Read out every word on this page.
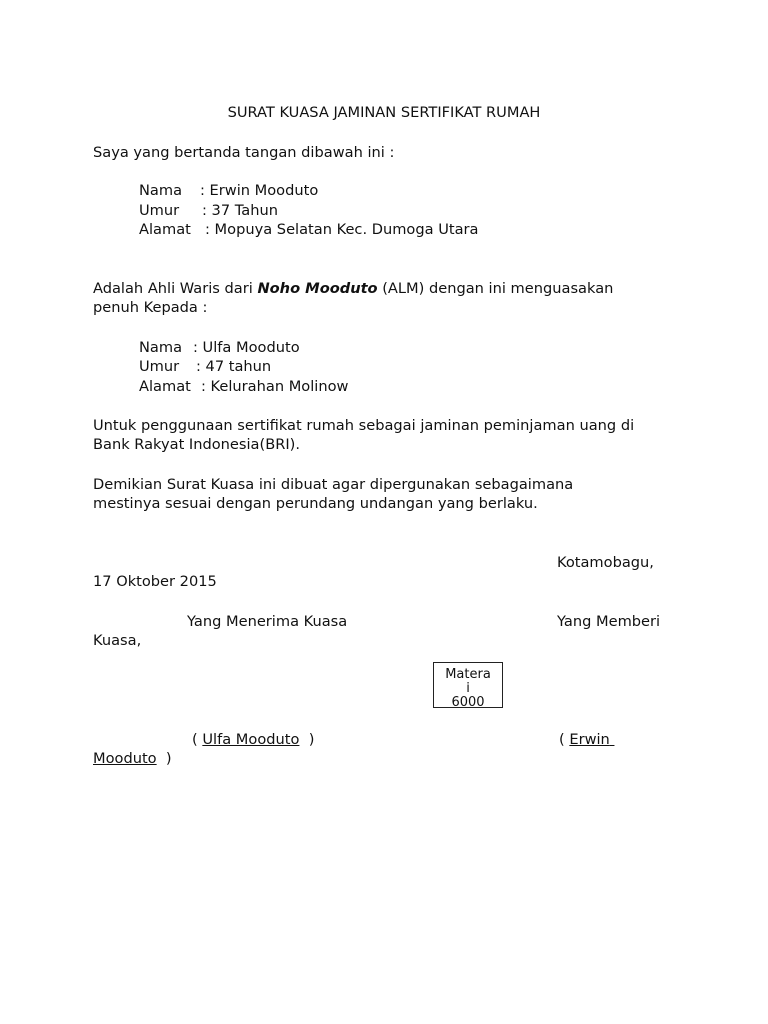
SURAT KUASA JAMINAN SERTIFIKAT RUMAH
Saya yang bertanda tangan dibawah ini :
Nama : Erwin Mooduto
Umur : 37 Tahun
Alamat : Mopuya Selatan Kec. Dumoga Utara
Adalah Ahli Waris dari Noho Mooduto (ALM) dengan ini menguasakan
penuh Kepada :
Nama : Ulfa Mooduto
Umur : 47 tahun
Alamat : Kelurahan Molinow
Untuk penggunaan sertifikat rumah sebagai jaminan peminjaman uang di
Bank Rakyat Indonesia(BRI).
Demikian Surat Kuasa ini dibuat agar dipergunakan sebagaimana
mestinya sesuai dengan perundang undangan yang berlaku.
Kotamobagu,
17 Oktober 2015
Yang Menerima Kuasa	Yang Memberi
Kuasa,
Matera
i
6000
( Ulfa Mooduto  )	( Erwin
Mooduto  )
